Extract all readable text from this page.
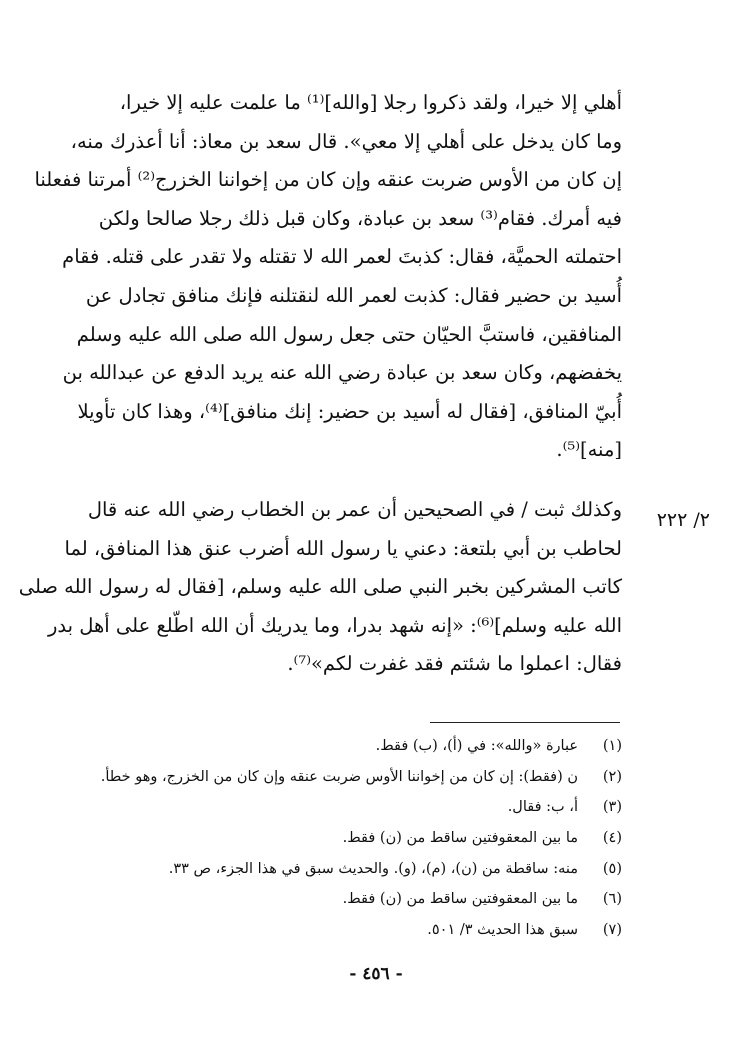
أهلي إلا خيرا، ولقد ذكروا رجلا [والله]⁽¹⁾ ما علمت عليه إلا خيرا،
وما كان يدخل على أهلي إلا معي». قال سعد بن معاذ: أنا أعذرك منه،
إن كان من الأوس ضربت عنقه وإن كان من إخواننا الخزرج⁽²⁾ أمرتنا ففعلنا
فيه أمرك. فقام⁽³⁾ سعد بن عبادة، وكان قبل ذلك رجلا صالحا ولكن
احتملته الحميَّة، فقال: كذبتَ لعمر الله لا تقتله ولا تقدر على قتله. فقام
أُسيد بن حضير فقال: كذبت لعمر الله لنقتلنه فإنك منافق تجادل عن
المنافقين، فاستبَّ الحيّان حتى جعل رسول الله صلى الله عليه وسلم
يخفضهم، وكان سعد بن عبادة رضي الله عنه يريد الدفع عن عبدالله بن
أُبيّ المنافق، [فقال له أسيد بن حضير: إنك منافق]⁽⁴⁾، وهذا كان تأويلا
[منه]⁽⁵⁾.
٢/ ٢٢٢
وكذلك ثبت / في الصحيحين أن عمر بن الخطاب رضي الله عنه قال
لحاطب بن أبي بلتعة: دعني يا رسول الله أضرب عنق هذا المنافق، لما
كاتب المشركين بخبر النبي صلى الله عليه وسلم، [فقال له رسول الله صلى
الله عليه وسلم]⁽⁶⁾: «إنه شهد بدرا، وما يدريك أن الله اطّلع على أهل بدر
فقال: اعملوا ما شئتم فقد غفرت لكم»⁽⁷⁾.
(١)عبارة «والله»: في (أ)، (ب) فقط.
(٢)ن (فقط): إن كان من إخواننا الأوس ضربت عنقه وإن كان من الخزرج، وهو خطأ.
(٣)أ، ب: فقال.
(٤)ما بين المعقوفتين ساقط من (ن) فقط.
(٥)منه: ساقطة من (ن)، (م)، (و). والحديث سبق في هذا الجزء، ص ٣٣.
(٦)ما بين المعقوفتين ساقط من (ن) فقط.
(٧)سبق هذا الحديث ٣/ ٥٠١.
- ٤٥٦ -
